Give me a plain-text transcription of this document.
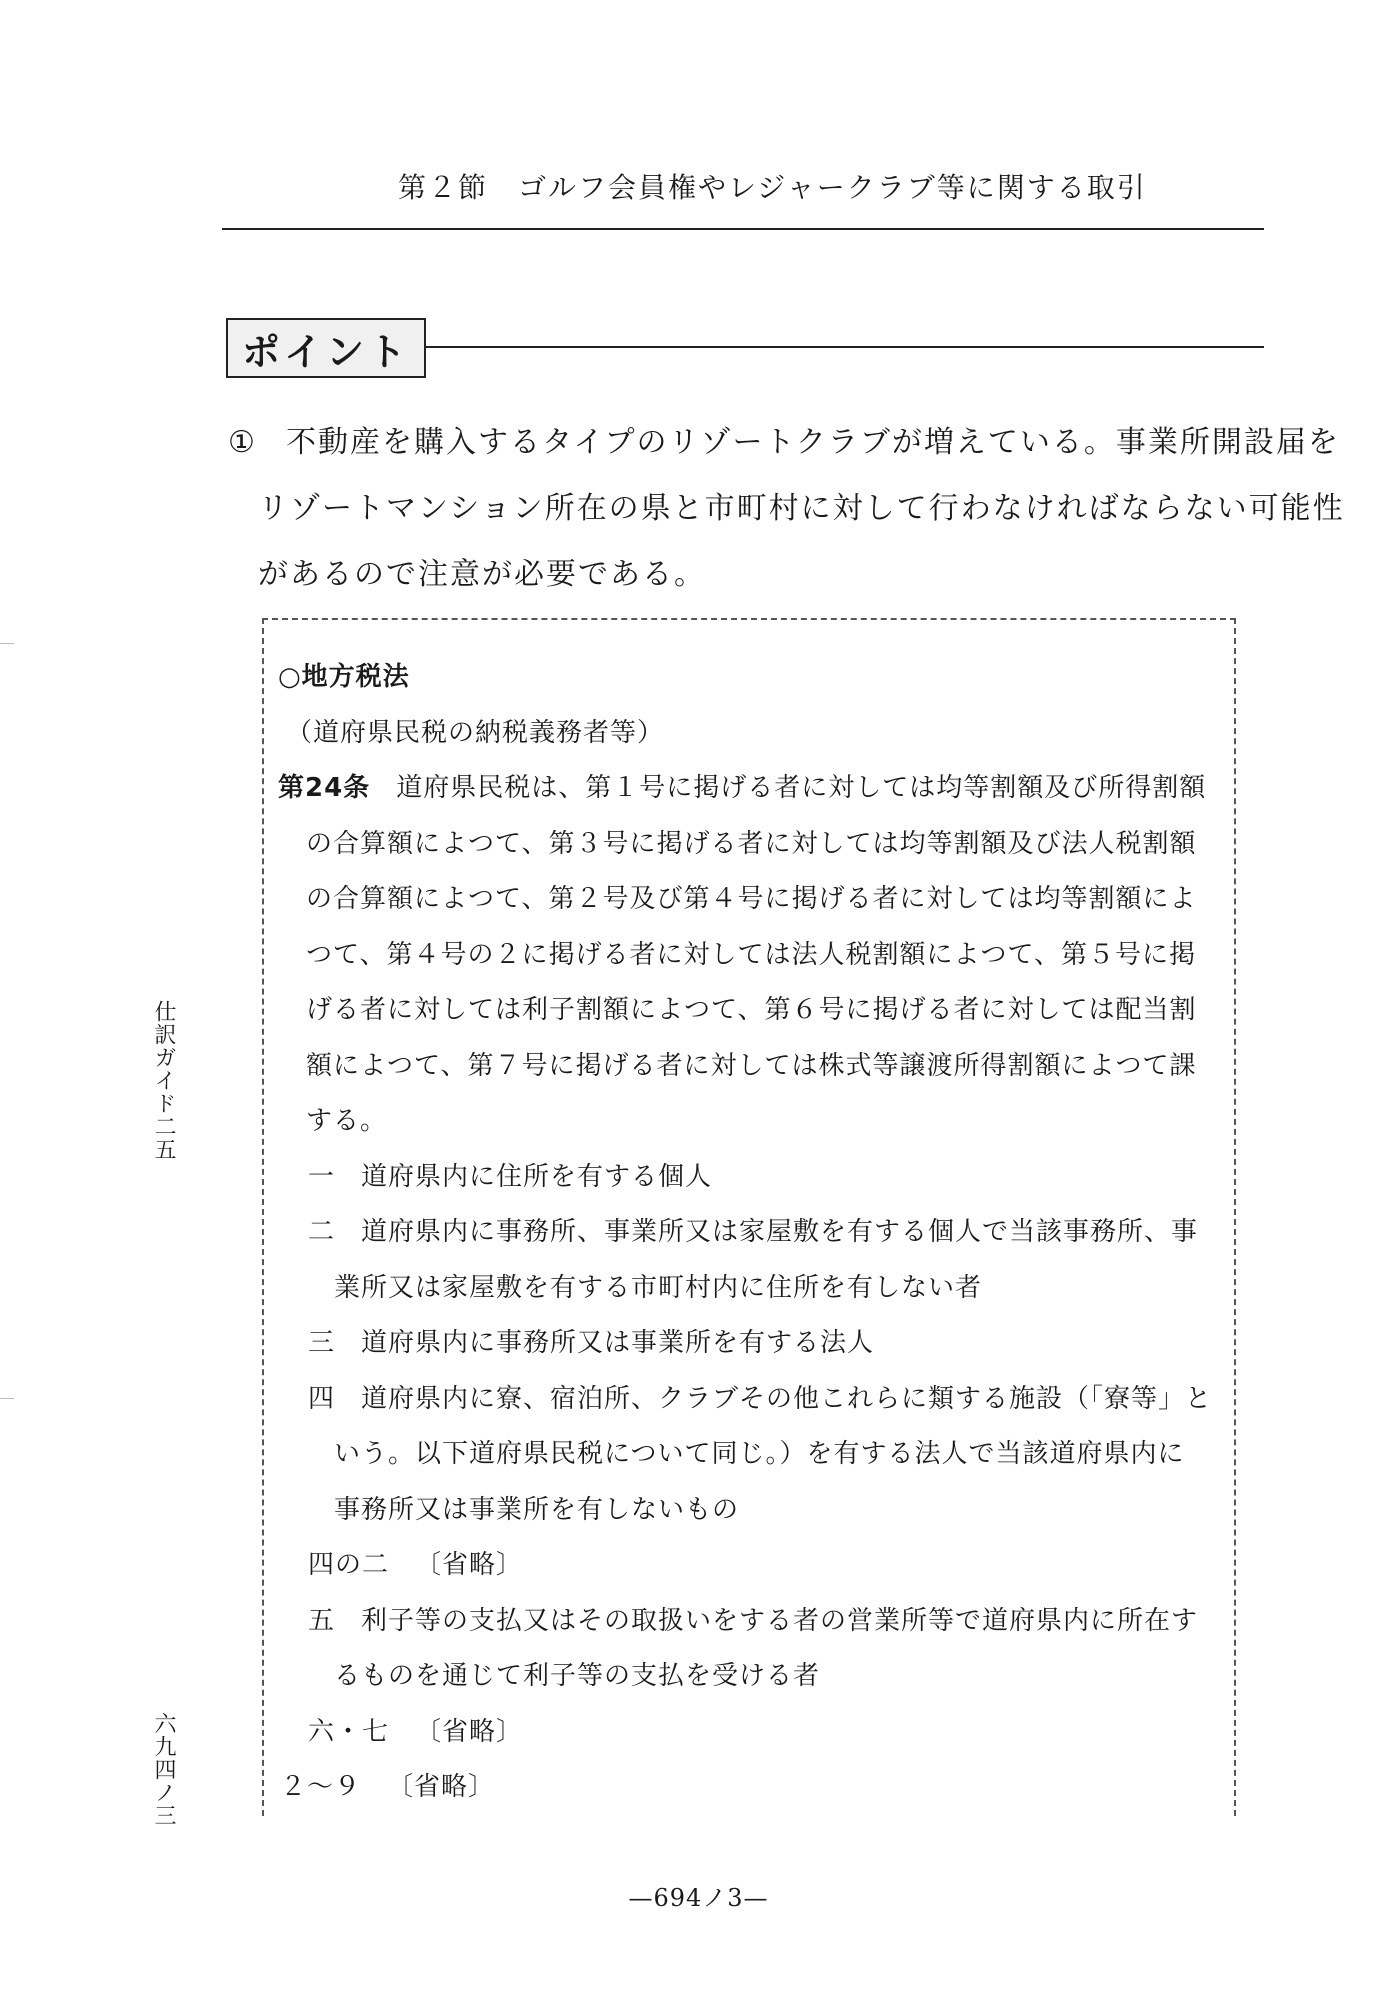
第２節　ゴルフ会員権やレジャークラブ等に関する取引
ポイント
① 不動産を購入するタイプのリゾートクラブが増えている。事業所開設届を
リゾートマンション所在の県と市町村に対して行わなければならない可能性
があるので注意が必要である。
○地方税法
（道府県民税の納税義務者等）
第24条 道府県民税は、第１号に掲げる者に対しては均等割額及び所得割額
の合算額によつて、第３号に掲げる者に対しては均等割額及び法人税割額
の合算額によつて、第２号及び第４号に掲げる者に対しては均等割額によ
つて、第４号の２に掲げる者に対しては法人税割額によつて、第５号に掲
げる者に対しては利子割額によつて、第６号に掲げる者に対しては配当割
額によつて、第７号に掲げる者に対しては株式等譲渡所得割額によつて課
する。
一 道府県内に住所を有する個人
二 道府県内に事務所、事業所又は家屋敷を有する個人で当該事務所、事
業所又は家屋敷を有する市町村内に住所を有しない者
三 道府県内に事務所又は事業所を有する法人
四 道府県内に寮、宿泊所、クラブその他これらに類する施設（「寮等」と
いう。以下道府県民税について同じ。）を有する法人で当該道府県内に
事務所又は事業所を有しないもの
四の二 〔省略〕
五 利子等の支払又はその取扱いをする者の営業所等で道府県内に所在す
るものを通じて利子等の支払を受ける者
六・七 〔省略〕
２～９ 〔省略〕
仕訳ガイド二五
六九四ノ三
—694ノ3—
